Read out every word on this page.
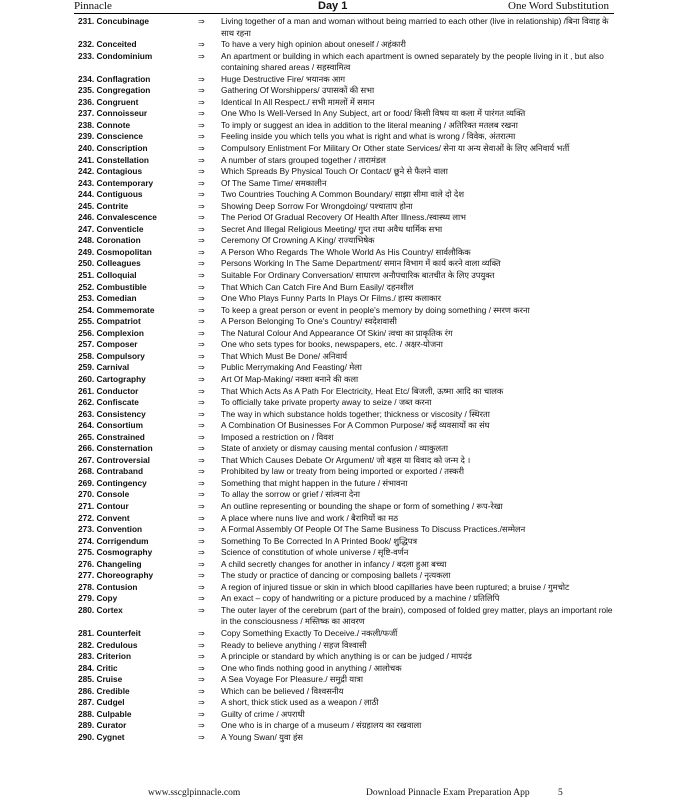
Pinnacle	Day 1	One Word Substitution
231. Concubinage	⇒	Living together of a man and woman without being married to each other (live in relationship) /बिना विवाह के साथ रहना
232. Conceited	⇒	To have a very high opinion about oneself / अहंकारी
233. Condominium	⇒	An apartment or building in which each apartment is owned separately by the people living in it , but also containing shared areas / सहस्वामित्व
234. Conflagration	⇒	Huge Destructive Fire/ भयानक आग
235. Congregation	⇒	Gathering Of Worshippers/ उपासकों की सभा
236. Congruent	⇒	Identical In All Respect./ सभी मामलों में समान
237. Connoisseur	⇒	One Who Is Well-Versed In Any Subject, art or food/ किसी विषय या कला में पारंगत व्यक्ति
238. Connote	⇒	To imply or suggest an idea in addition to the literal meaning / अतिरिक्त मतलब रखना
239. Conscience	⇒	Feeling inside you which tells you what is right and what is wrong / विवेक, अंतरात्मा
240. Conscription	⇒	Compulsory Enlistment For Military Or Other state Services/ सेना या अन्य सेवाओं के लिए अनिवार्य भर्ती
241. Constellation	⇒	A number of stars grouped together / तारामंडल
242. Contagious	⇒	Which Spreads By Physical Touch Or Contact/ छूने से फैलने वाला
243. Contemporary	⇒	Of The Same Time/ समकालीन
244. Contiguous	⇒	Two Countries Touching A Common Boundary/ साझा सीमा वाले दो देश
245. Contrite	⇒	Showing Deep Sorrow For Wrongdoing/ पश्चाताप होना
246. Convalescence	⇒	The Period Of Gradual Recovery Of Health After Illness./स्वास्थ्य लाभ
247. Conventicle	⇒	Secret And Illegal Religious Meeting/ गुप्त तथा अवैध धार्मिक सभा
248. Coronation	⇒	Ceremony Of Crowning A King/ राज्याभिषेक
249. Cosmopolitan	⇒	A Person Who Regards The Whole World As His Country/ सार्वलौकिक
250. Colleagues	⇒	Persons Working In The Same Department/ समान विभाग में कार्य करने वाला व्यक्ति
251. Colloquial	⇒	Suitable For Ordinary Conversation/ साधारण अनौपचारिक बातचीत के लिए उपयुक्त
252. Combustible	⇒	That Which Can Catch Fire And Burn Easily/ दहनशील
253. Comedian	⇒	One Who Plays Funny Parts In Plays Or Films./ हास्य कलाकार
254. Commemorate	⇒	To keep a great person or event in people's memory by doing something / स्मरण करना
255. Compatriot	⇒	A Person Belonging To One's Country/ स्वदेशवासी
256. Complexion	⇒	The Natural Colour And Appearance Of Skin/ त्वचा का प्राकृतिक रंग
257. Composer	⇒	One who sets types for books, newspapers, etc. / अक्षर-योजना
258. Compulsory	⇒	That Which Must Be Done/ अनिवार्य
259. Carnival	⇒	Public Merrymaking And Feasting/ मेला
260. Cartography	⇒	Art Of Map-Making/ नक्शा बनाने की कला
261. Conductor	⇒	That Which Acts As A Path For Electricity, Heat Etc/ बिजली, ऊष्मा आदि का चालक
262. Confiscate	⇒	To officially take private property away to seize / जब्त करना
263. Consistency	⇒	The way in which substance holds together; thickness or viscosity / स्थिरता
264. Consortium	⇒	A Combination Of Businesses For A Common Purpose/ कई व्यवसायों का संघ
265. Constrained	⇒	Imposed a restriction on / विवश
266. Consternation	⇒	State of anxiety or dismay causing mental confusion / व्याकुलता
267. Controversial	⇒	That Which Causes Debate Or Argument/ जो बहस या विवाद को जन्म दे ।
268. Contraband	⇒	Prohibited by law or treaty from being imported or exported / तस्करी
269. Contingency	⇒	Something that might happen in the future / संभावना
270. Console	⇒	To allay the sorrow or grief / सांत्वना देना
271. Contour	⇒	An outline representing or bounding the shape or form of something / रूप-रेखा
272. Convent	⇒	A place where nuns live and work / बैरागियों का मठ
273. Convention	⇒	A Formal Assembly Of People Of The Same Business To Discuss Practices./सम्मेलन
274. Corrigendum	⇒	Something To Be Corrected In A Printed Book/ शुद्धिपत्र
275. Cosmography	⇒	Science of constitution of whole universe / सृष्टि-वर्णन
276. Changeling	⇒	A child secretly changes for another in infancy / बदला हुआ बच्चा
277. Choreography	⇒	The study or practice of dancing or composing ballets / नृत्यकला
278. Contusion	⇒	A region of injured tissue or skin in which blood capillaries have been ruptured; a bruise / गुमचोट
279. Copy	⇒	An exact – copy of handwriting or a picture produced by a machine / प्रतिलिपि
280. Cortex	⇒	The outer layer of the cerebrum (part of the brain), composed of folded grey matter, plays an important role in the consciousness / मस्तिष्क का आवरण
281. Counterfeit	⇒	Copy Something Exactly To Deceive./ नकली/फर्जी
282. Credulous	⇒	Ready to believe anything / सहज विश्वासी
283. Criterion	⇒	A principle or standard by which anything is or can be judged / मापदंड
284. Critic	⇒	One who finds nothing good in anything / आलोचक
285. Cruise	⇒	A Sea Voyage For Pleasure./ समुद्री यात्रा
286. Credible	⇒	Which can be believed / विश्वसनीय
287. Cudgel	⇒	A short, thick stick used as a weapon / लाठी
288. Culpable	⇒	Guilty of crime / अपराधी
289. Curator	⇒	One who is in charge of a museum / संग्रहालय का रखवाला
290. Cygnet	⇒	A Young Swan/ युवा हंस
www.sscglpinnacle.com	Download Pinnacle Exam Preparation App	5
